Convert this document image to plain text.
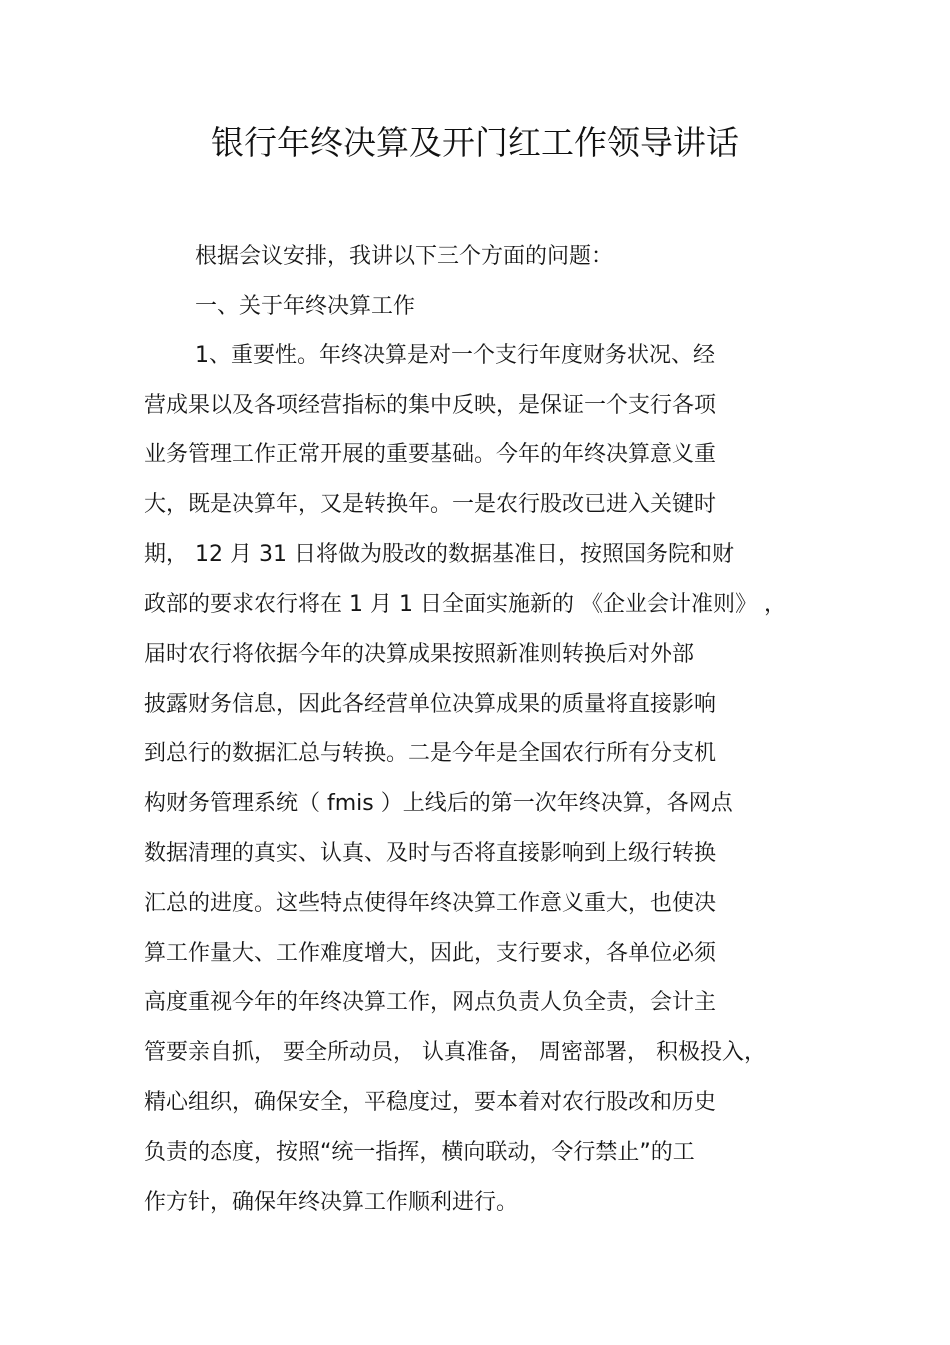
银行年终决算及开门红工作领导讲话
根据会议安排，我讲以下三个方面的问题：
一、关于年终决算工作
1、重要性。年终决算是对一个支行年度财务状况、经
营成果以及各项经营指标的集中反映，是保证一个支行各项
业务管理工作正常开展的重要基础。今年的年终决算意义重
大，既是决算年，又是转换年。一是农行股改已进入关键时
期， 12 月 31 日将做为股改的数据基准日，按照国务院和财
政部的要求农行将在 1 月 1 日全面实施新的 《企业会计准则》 ，
届时农行将依据今年的决算成果按照新准则转换后对外部
披露财务信息，因此各经营单位决算成果的质量将直接影响
到总行的数据汇总与转换。二是今年是全国农行所有分支机
构财务管理系统（ fmis ）上线后的第一次年终决算，各网点
数据清理的真实、认真、及时与否将直接影响到上级行转换
汇总的进度。这些特点使得年终决算工作意义重大，也使决
算工作量大、工作难度增大，因此，支行要求，各单位必须
高度重视今年的年终决算工作，网点负责人负全责，会计主
管要亲自抓， 要全所动员， 认真准备， 周密部署， 积极投入，
精心组织，确保安全，平稳度过，要本着对农行股改和历史
负责的态度，按照“统一指挥，横向联动，令行禁止”的工
作方针，确保年终决算工作顺利进行。
